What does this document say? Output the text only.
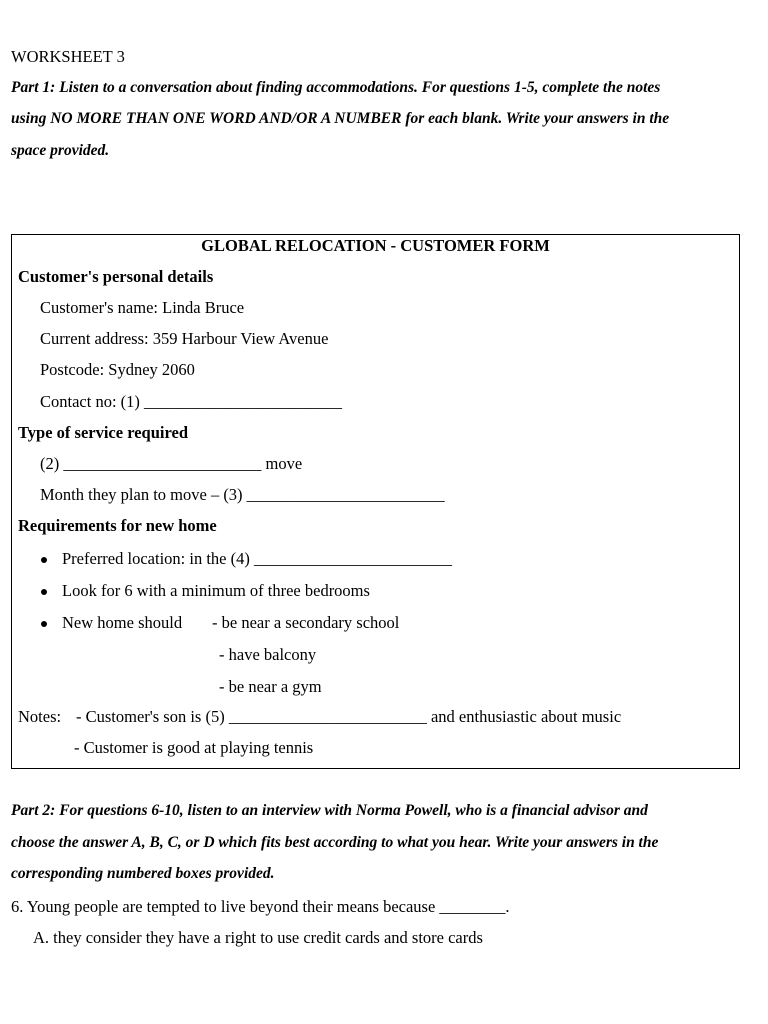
WORKSHEET 3
Part 1: Listen to a conversation about finding accommodations. For questions 1-5, complete the notes
using NO MORE THAN ONE WORD AND/OR A NUMBER for each blank. Write your answers in the
space provided.
GLOBAL RELOCATION - CUSTOMER FORM
Customer's personal details
Customer's name: Linda Bruce
Current address: 359 Harbour View Avenue
Postcode: Sydney 2060
Contact no: (1) ________________________
Type of service required
(2) ________________________ move
Month they plan to move – (3) ________________________
Requirements for new home
Preferred location: in the (4) ________________________
Look for 6 with a minimum of three bedrooms
New home should - be near a secondary school
- have balcony
- be near a gym
Notes: - Customer's son is (5) ________________________ and enthusiastic about music
- Customer is good at playing tennis
Part 2: For questions 6-10, listen to an interview with Norma Powell, who is a financial advisor and
choose the answer A, B, C, or D which fits best according to what you hear. Write your answers in the
corresponding numbered boxes provided.
6. Young people are tempted to live beyond their means because ________.
A. they consider they have a right to use credit cards and store cards
